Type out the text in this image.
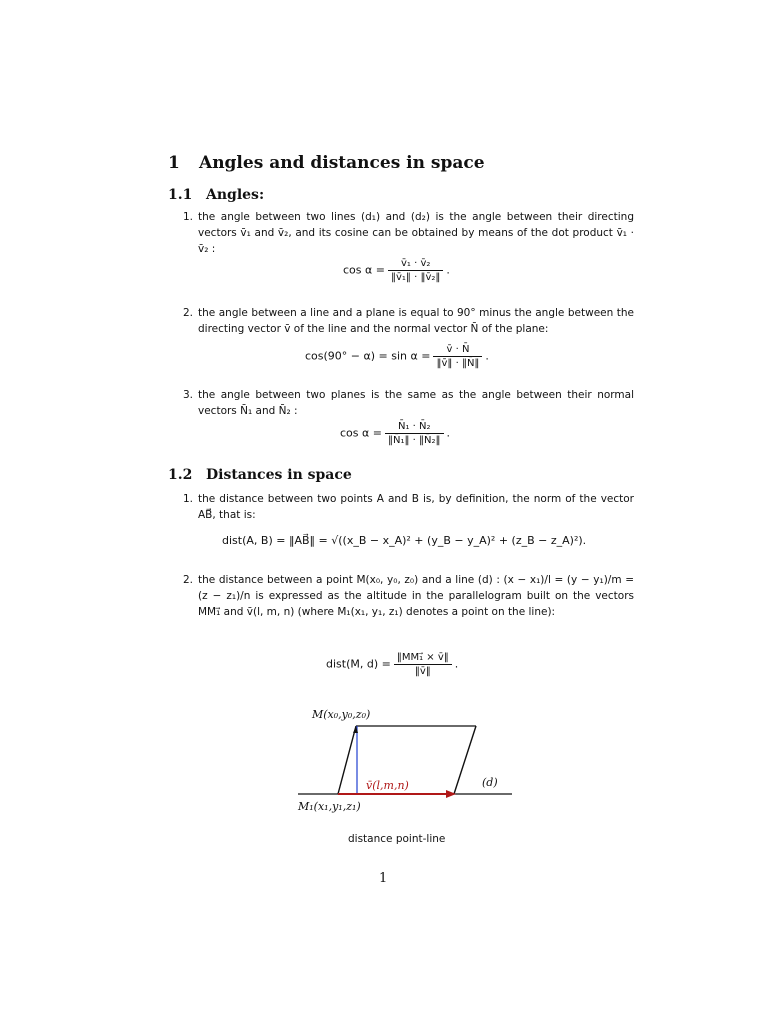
1 Angles and distances in space
1.1 Angles:
1. the angle between two lines (d₁) and (d₂) is the angle between their directing vectors v̄₁ and v̄₂, and its cosine can be obtained by means of the dot product v̄₁ · v̄₂ :
$\cos \alpha = \frac{\text{v̄₁ · v̄₂}}{\text{‖v̄₁‖ · ‖v̄₂‖}}$ .
2. the angle between a line and a plane is equal to 90° minus the angle between the directing vector v̄ of the line and the normal vector N̄ of the plane:
$\cos(90^\circ - \alpha) = \sin \alpha = \frac{v̄ \cdot N̄}{‖v̄‖ \cdot ‖N̄‖}$ .
3. the angle between two planes is the same as the angle between their normal vectors N̄₁ and N̄₂ :
$\cos \alpha = \frac{\text{N̄₁ · N̄₂}}{\text{‖N̄₁‖ · ‖N̄₂‖}}$ .
1.2 Distances in space
1. the distance between two points A and B is, by definition, the norm of the vector AB⃗, that is:
dist(A, B) = ‖AB⃗‖ = √((x_B − x_A)² + (y_B − y_A)² + (z_B − z_A)²).
2. the distance between a point M(x₀, y₀, z₀) and a line (d) : (x − x₁)/l = (y − y₁)/m = (z − z₁)/n is expressed as the altitude in the parallelogram built on the vectors MM₁⃗ and v̄(l, m, n) (where M₁(x₁, y₁, z₁) denotes a point on the line):
dist(M, $d) = \frac{\text{‖MM₁⃗ × v̄‖}}{‖v̄‖}$ .
M(x₀,y₀,z₀)
M₁(x₁,y₁,z₁)
v̄(l,m,n)	(d)
distance point-line
1
